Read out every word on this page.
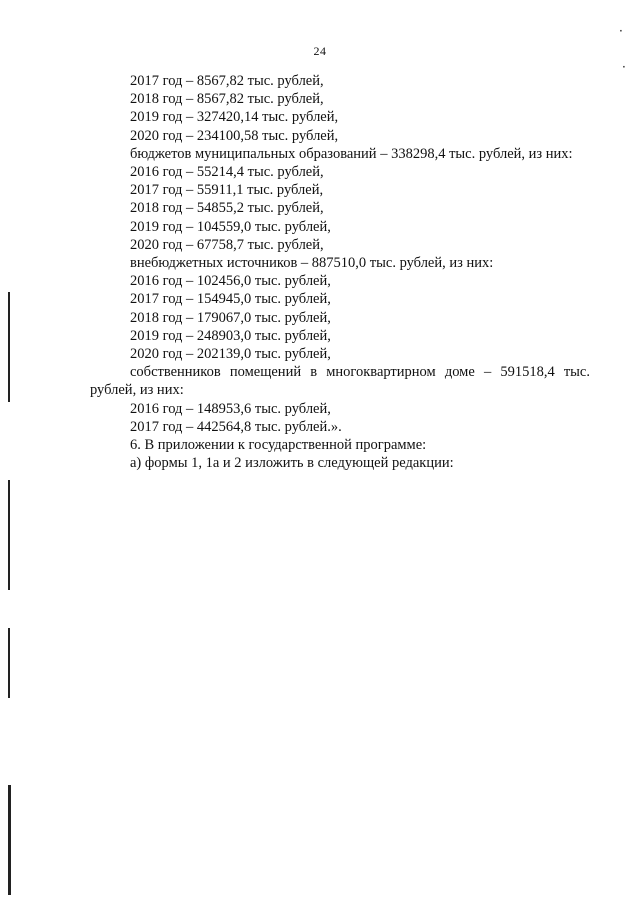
24
2017 год – 8567,82 тыс. рублей,
2018 год – 8567,82 тыс. рублей,
2019 год – 327420,14 тыс. рублей,
2020 год – 234100,58 тыс. рублей,
бюджетов муниципальных образований – 338298,4 тыс. рублей, из них:
2016 год – 55214,4 тыс. рублей,
2017 год – 55911,1 тыс. рублей,
2018 год – 54855,2 тыс. рублей,
2019 год – 104559,0 тыс. рублей,
2020 год – 67758,7 тыс. рублей,
внебюджетных источников – 887510,0 тыс. рублей, из них:
2016 год – 102456,0 тыс. рублей,
2017 год – 154945,0 тыс. рублей,
2018 год – 179067,0 тыс. рублей,
2019 год – 248903,0 тыс. рублей,
2020 год – 202139,0 тыс. рублей,
собственников помещений в многоквартирном доме – 591518,4 тыс. рублей, из них:
2016 год – 148953,6 тыс. рублей,
2017 год – 442564,8 тыс. рублей.».
6. В приложении к государственной программе:
а) формы 1, 1а и 2 изложить в следующей редакции:
·
·
